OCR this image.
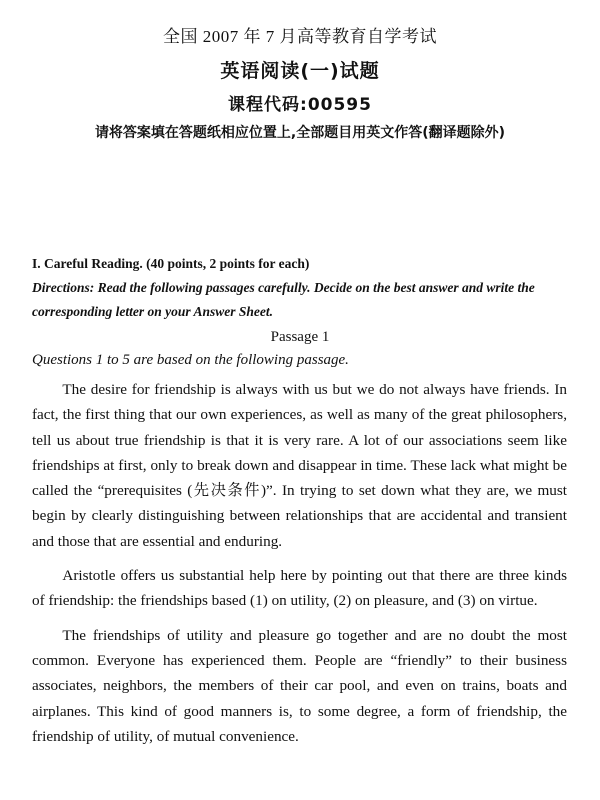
全国 2007 年 7 月高等教育自学考试
英语阅读(一)试题
课程代码:00595
请将答案填在答题纸相应位置上,全部题目用英文作答(翻译题除外)
I. Careful Reading. (40 points, 2 points for each)
Directions: Read the following passages carefully. Decide on the best answer and write the corresponding letter on your Answer Sheet.
Passage 1
Questions 1 to 5 are based on the following passage.

The desire for friendship is always with us but we do not always have friends. In fact, the first thing that our own experiences, as well as many of the great philosophers, tell us about true friendship is that it is very rare. A lot of our associations seem like friendships at first, only to break down and disappear in time. These lack what might be called the “prerequisites (先决条件)”. In trying to set down what they are, we must begin by clearly distinguishing between relationships that are accidental and transient and those that are essential and enduring.

Aristotle offers us substantial help here by pointing out that there are three kinds of friendship: the friendships based (1) on utility, (2) on pleasure, and (3) on virtue.

The friendships of utility and pleasure go together and are no doubt the most common. Everyone has experienced them. People are “friendly” to their business associates, neighbors, the members of their car pool, and even on trains, boats and airplanes. This kind of good manners is, to some degree, a form of friendship, the friendship of utility, of mutual convenience.
